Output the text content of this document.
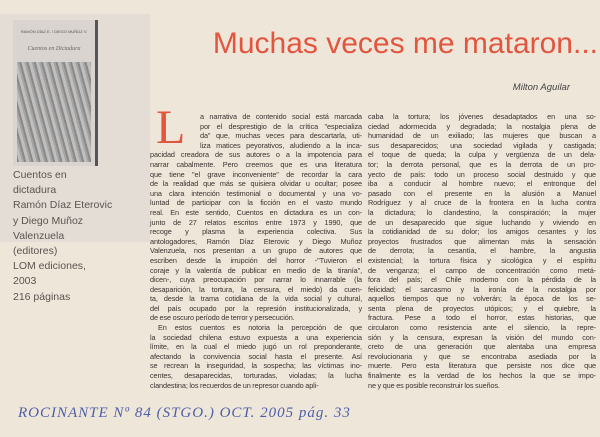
RAMÓN DÍAZ E. / DIEGO MUÑOZ V.
Cuentos en Dictadura
Cuentos en
dictadura
Ramón Díaz Eterovic
y Diego Muñoz
Valenzuela
(editores)
LOM ediciones,
2003
216 páginas
Muchas veces me mataron...
Milton Aguilar
L a narrativa de contenido social está marcada
por el desprestigio de la crítica "especializa
da" que, muchas veces para descartarla, uti-
liza matices peyorativos, aludiendo a la inca-
pacidad creadora de sus autores o a la impotencia para
narrar cabalmente. Pero creemos que es una literatura
que tiene "el grave inconveniente" de recordar la cara
de la realidad que más se quisiera olvidar u ocultar; posee
una clara intención testimonial o documental y una vo-
luntad de participar con la ficción en el vasto mundo
real. En este sentido, Cuentos en dictadura es un con-
junto de 27 relatos escritos entre 1973 y 1990, que
recoge y plasma la experiencia colectiva. Sus
antologadores, Ramón Díaz Eterovic y Diego Muñoz
Valenzuela, nos presentan a un grupo de autores que
escriben desde la irrupción del horror -"Tuvieron el
coraje y la valentía de publicar en medio de la tiranía",
dicen-, cuya preocupación por narrar lo innarrable (la
desaparición, la tortura, la censura, el miedo) da cuen-
ta, desde la trama cotidiana de la vida social y cultural,
del país ocupado por la represión institucionalizada, y
de ese oscuro período de terror y persecución.
En estos cuentos es notoria la percepción de que
la sociedad chilena estuvo expuesta a una experiencia
límite, en la cual el miedo jugó un rol preponderante,
afectando la convivencia social hasta el presente. Así
se recrean la inseguridad, la sospecha; las víctimas ino-
centes, desaparecidas, torturadas, violadas; la lucha
clandestina; los recuerdos de un represor cuando apli-
caba la tortura; los jóvenes desadaptados en una so-
ciedad adormecida y degradada; la nostalgia plena de
humanidad de un exiliado; las mujeres que buscan a
sus desaparecidos; una sociedad vigilada y castigada;
el toque de queda; la culpa y vergüenza de un dela-
tor; la derrota personal, que es la derrota de un pro-
yecto de país: todo un proceso social destruido y que
iba a conducir al hombre nuevo; el entronque del
pasado con el presente en la alusión a Manuel
Rodríguez y al cruce de la frontera en la lucha contra
la dictadura; lo clandestino, la conspiración; la mujer
de un desaparecido que sigue luchando y viviendo en
la cotidianidad de su dolor; los amigos cesantes y los
proyectos frustrados que alimentan más la sensación
de derrota; la cesantía, el hambre, la angustia
existencial; la tortura física y sicológica y el espíritu
de venganza; el campo de concentración como metá-
fora del país; el Chile moderno con la pérdida de la
felicidad; el sarcasmo y la ironía de la nostalgia por
aquellos tiempos que no volverán; la época de los se-
senta plena de proyectos utópicos; y el quiebre, la
fractura. Pese a todo el horror, estas historias, que
circularon como resistencia ante el silencio, la repre-
sión y la censura, expresan la visión del mundo con-
creto de una generación que alentaba una empresa
revolucionaria y que se encontraba asediada por la
muerte. Pero esta literatura que persiste nos dice que
finalmente es la verdad de los hechos la que se impo-
ne y que es posible reconstruir los sueños.
ROCINANTE Nº 84 (STGO.) OCT. 2005 pág. 33
